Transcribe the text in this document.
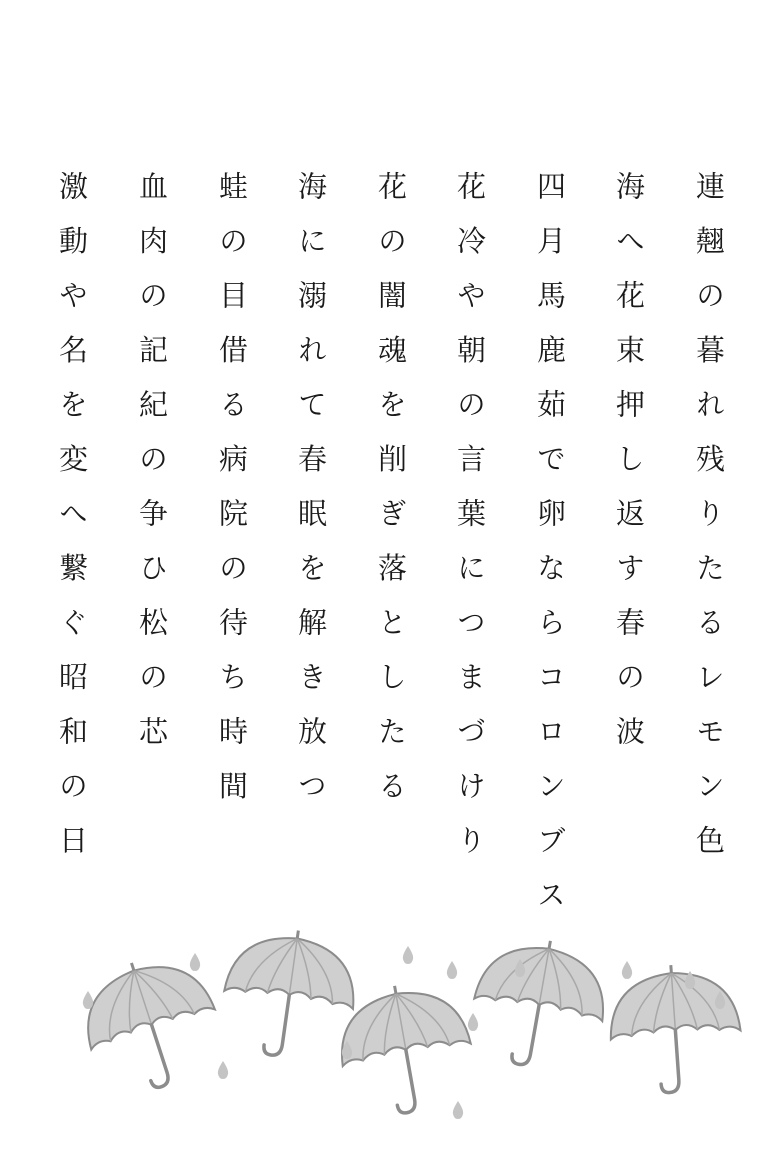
連翹の暮れ残りたるレモン色
海へ花束押し返す春の波
四月馬鹿茹で卵ならコロンブス
花冷や朝の言葉につまづけり
花の闇魂を削ぎ落としたる
海に溺れて春眠を解き放つ
蛙の目借る病院の待ち時間
血肉の記紀の争ひ松の芯
激動や名を変へ繋ぐ昭和の日
